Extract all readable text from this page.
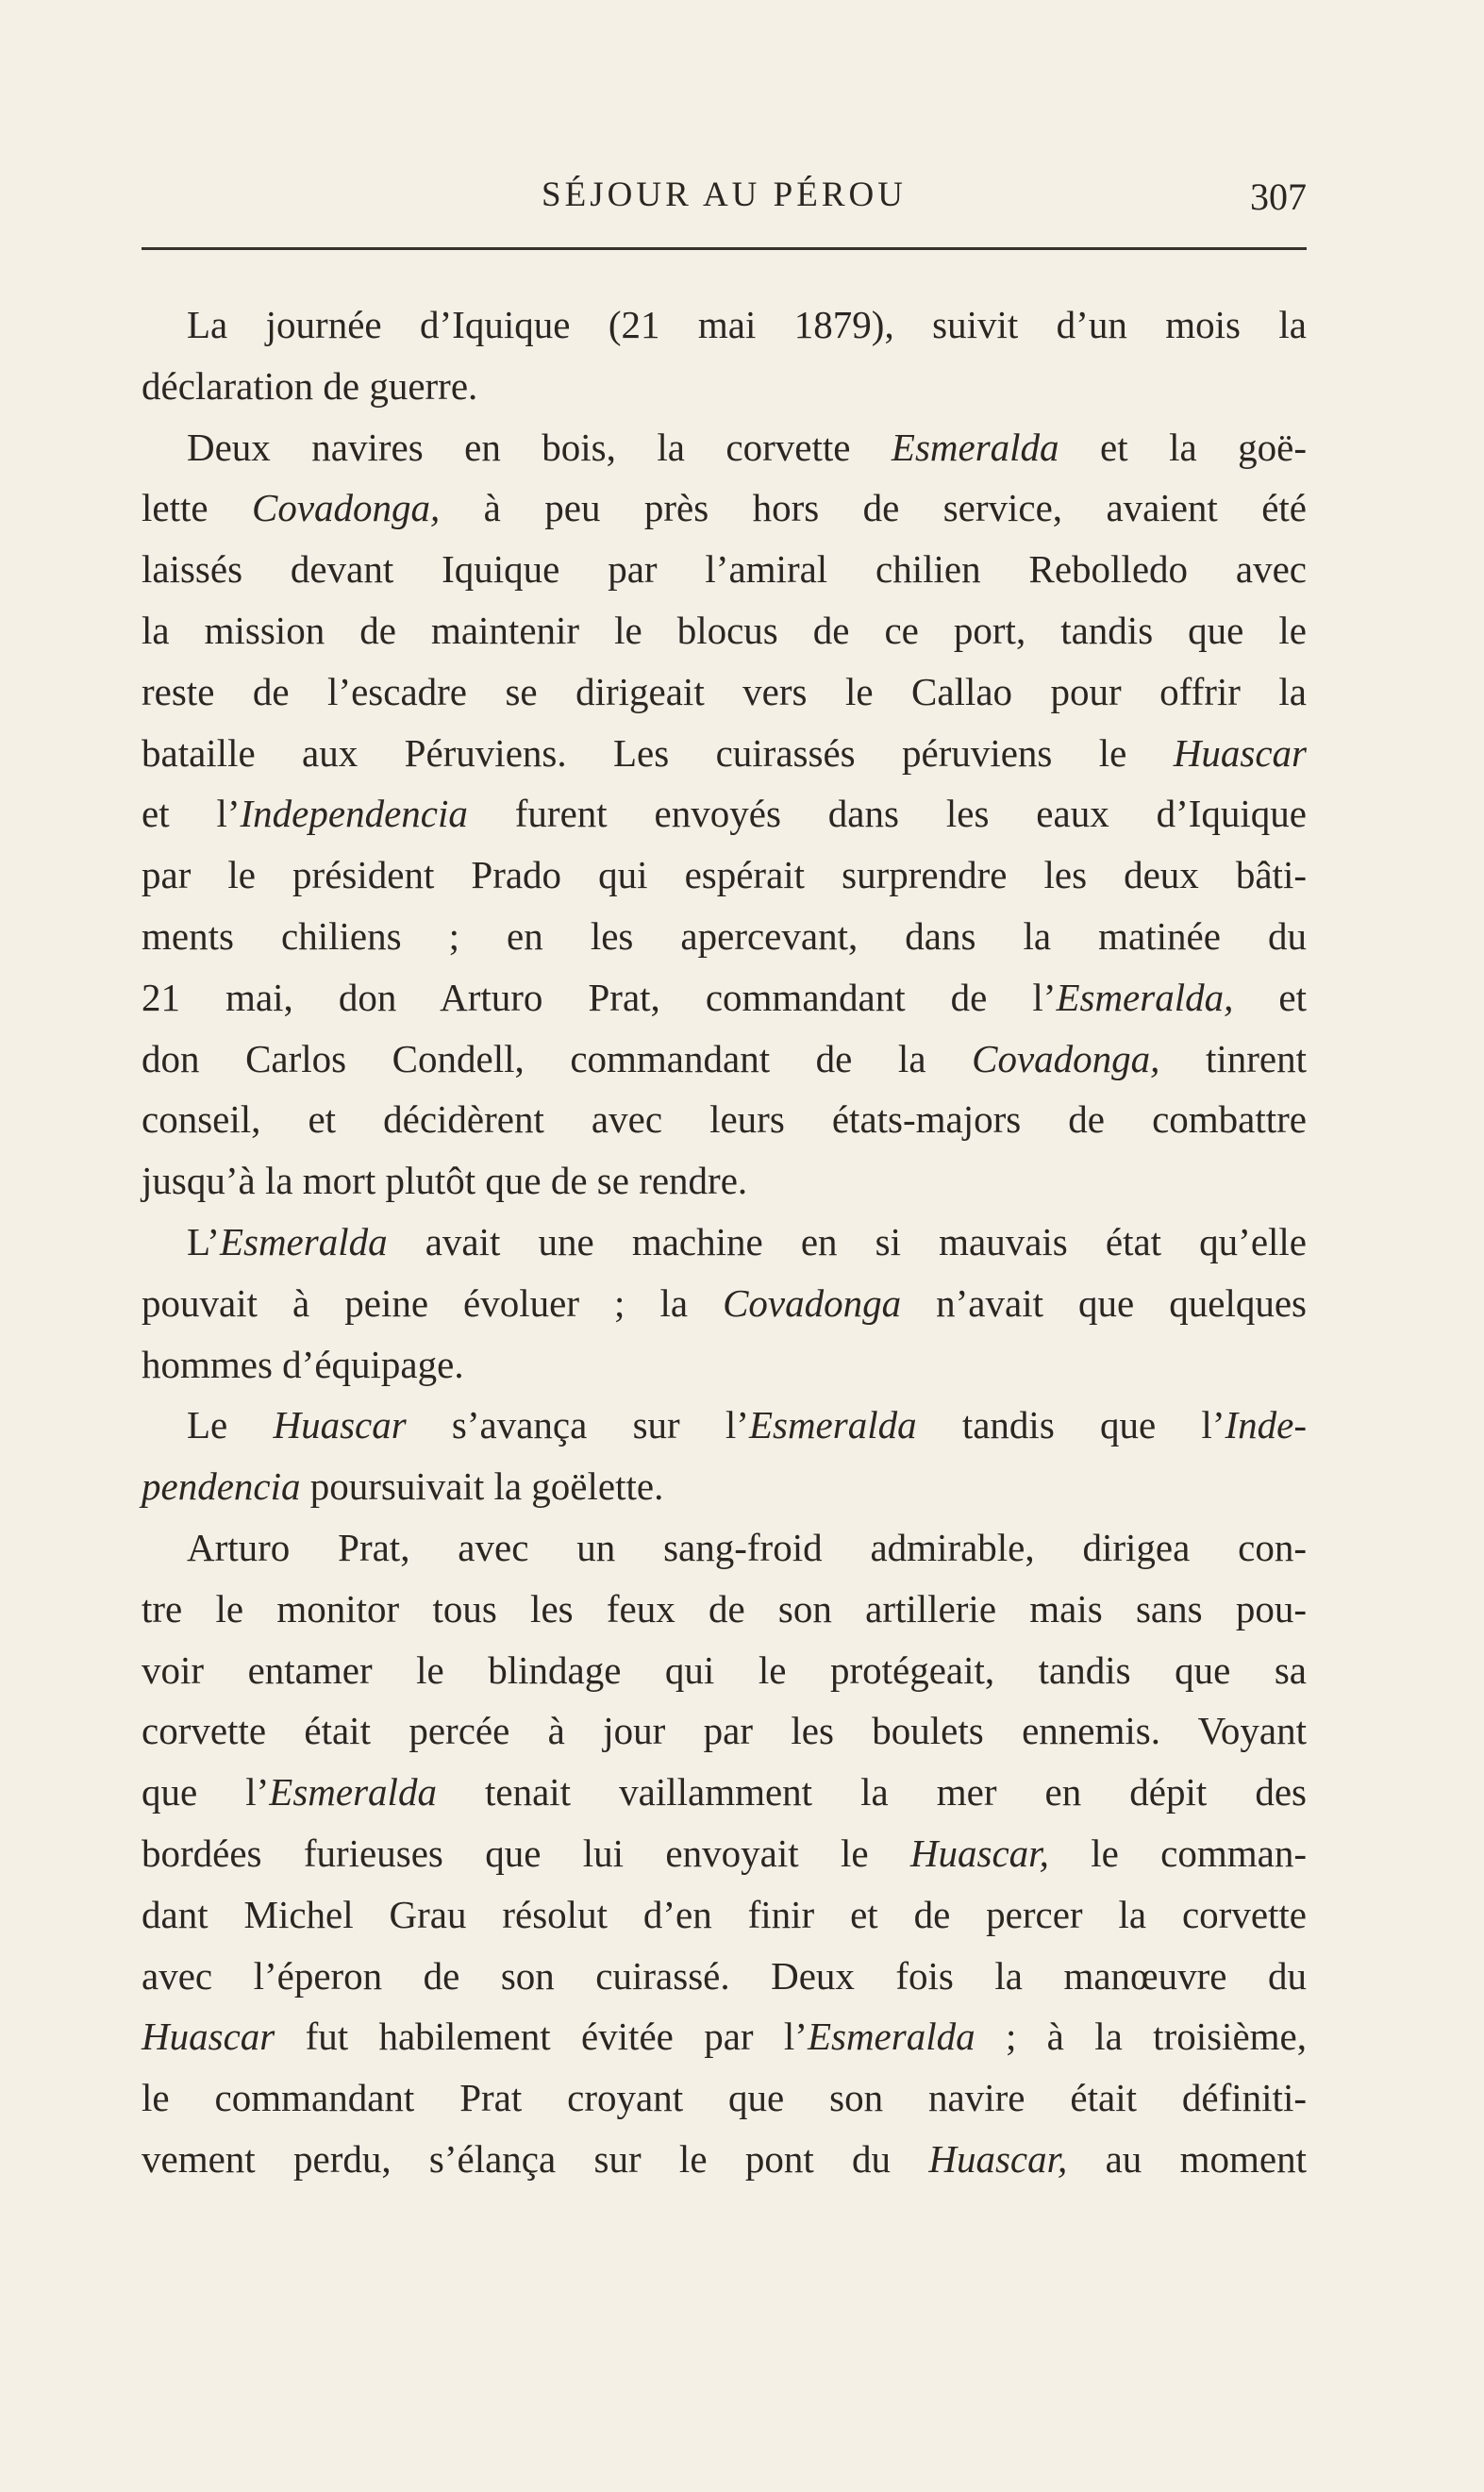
SÉJOUR AU PÉROU	307
La journée d’Iquique (21 mai 1879), suivit d’un mois la
déclaration de guerre.
Deux navires en bois, la corvette Esmeralda et la goë-
lette Covadonga, à peu près hors de service, avaient été
laissés devant Iquique par l’amiral chilien Rebolledo avec
la mission de maintenir le blocus de ce port, tandis que le
reste de l’escadre se dirigeait vers le Callao pour offrir la
bataille aux Péruviens. Les cuirassés péruviens le Huascar
et l’Independencia furent envoyés dans les eaux d’Iquique
par le président Prado qui espérait surprendre les deux bâti-
ments chiliens ; en les apercevant, dans la matinée du
21 mai, don Arturo Prat, commandant de l’Esmeralda, et
don Carlos Condell, commandant de la Covadonga, tinrent
conseil, et décidèrent avec leurs états-majors de combattre
jusqu’à la mort plutôt que de se rendre.
L’Esmeralda avait une machine en si mauvais état qu’elle
pouvait à peine évoluer ; la Covadonga n’avait que quelques
hommes d’équipage.
Le Huascar s’avança sur l’Esmeralda tandis que l’Inde-
pendencia poursuivait la goëlette.
Arturo Prat, avec un sang-froid admirable, dirigea con-
tre le monitor tous les feux de son artillerie mais sans pou-
voir entamer le blindage qui le protégeait, tandis que sa
corvette était percée à jour par les boulets ennemis. Voyant
que l’Esmeralda tenait vaillamment la mer en dépit des
bordées furieuses que lui envoyait le Huascar, le comman-
dant Michel Grau résolut d’en finir et de percer la corvette
avec l’éperon de son cuirassé. Deux fois la manœuvre du
Huascar fut habilement évitée par l’Esmeralda ; à la troisième,
le commandant Prat croyant que son navire était définiti-
vement perdu, s’élança sur le pont du Huascar, au moment
